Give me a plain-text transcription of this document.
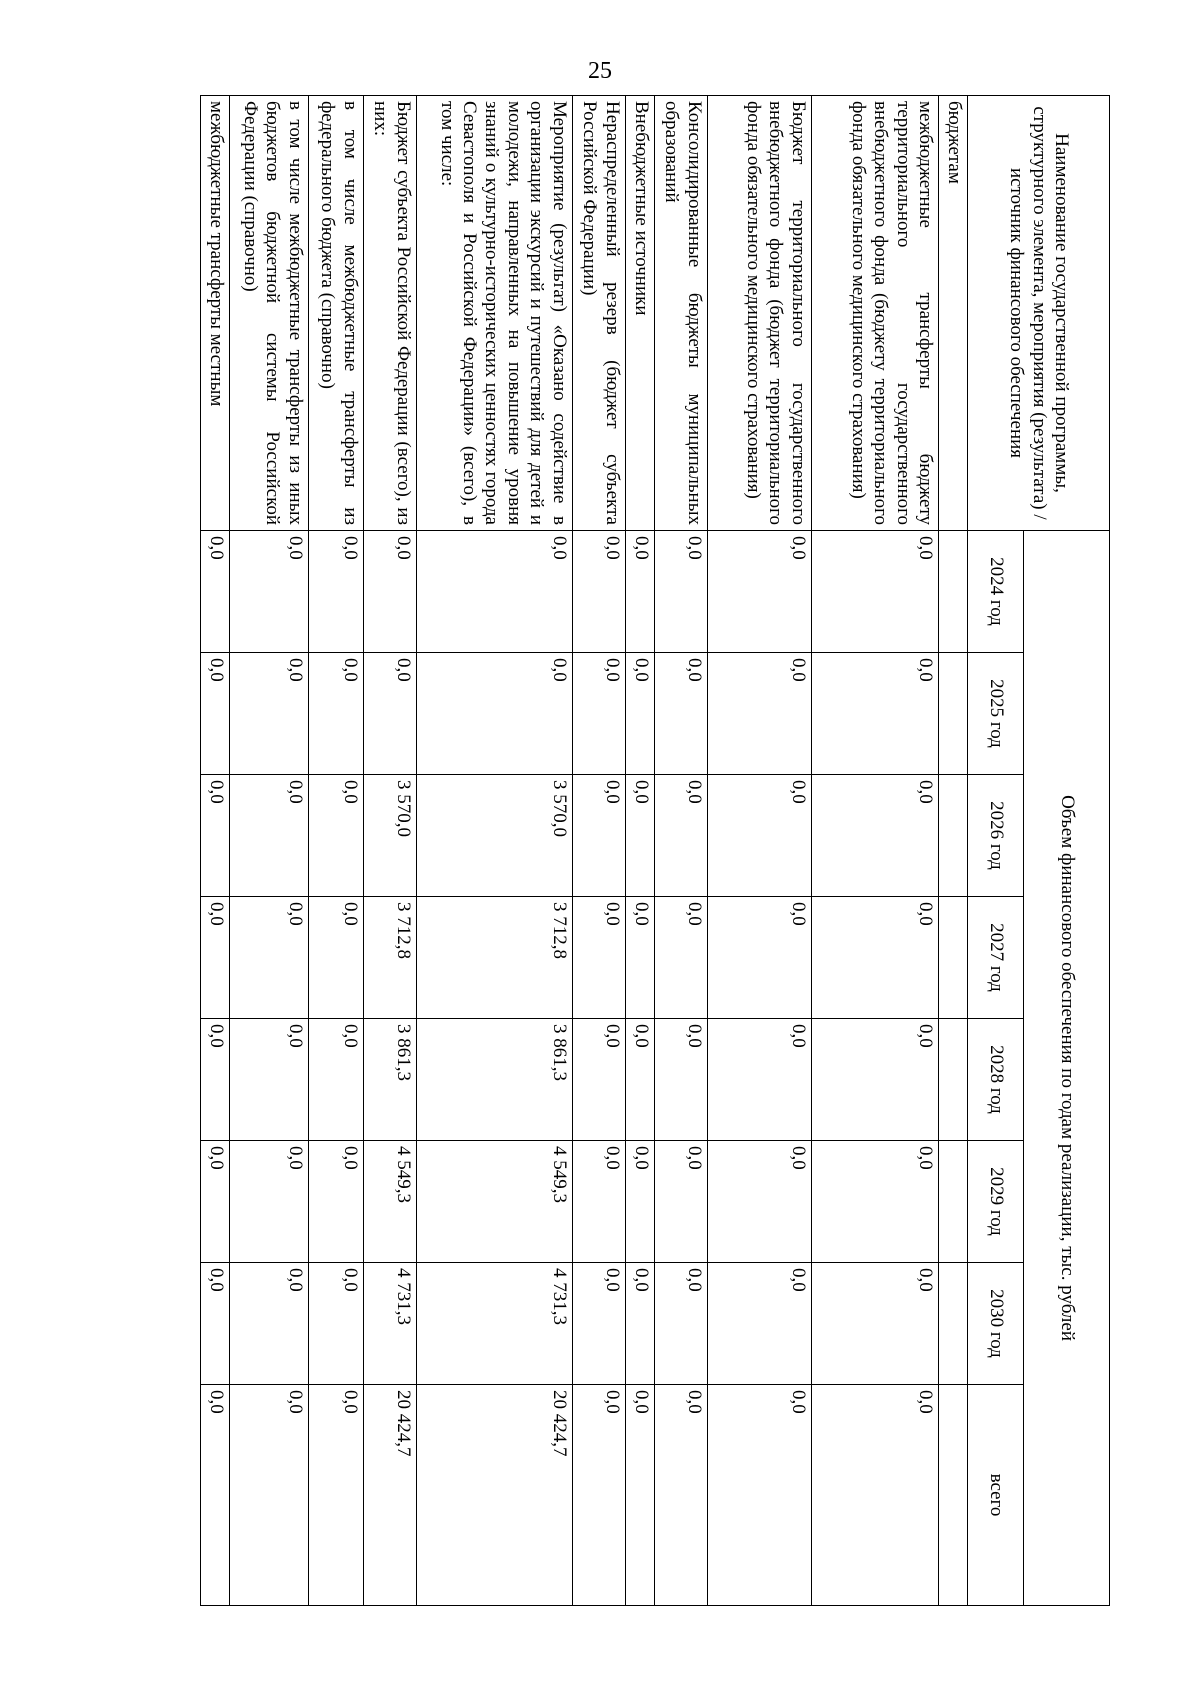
25
Наименование государственной программы, структурного элемента, мероприятия (результата) / источник финансового обеспечения	Объем финансового обеспечения по годам реализации, тыс. рублей							
	2024 год	2025 год	2026 год	2027 год	2028 год	2029 год	2030 год	всего
бюджетам								
межбюджетные трансферты бюджету территориального государственного внебюджетного фонда (бюджету территориального фонда обязательного медицинского страхования)	0,0	0,0	0,0	0,0	0,0	0,0	0,0	0,0
Бюджет территориального государственного внебюджетного фонда (бюджет территориального фонда обязательного медицинского страхования)	0,0	0,0	0,0	0,0	0,0	0,0	0,0	0,0
Консолидированные бюджеты муниципальных образований	0,0	0,0	0,0	0,0	0,0	0,0	0,0	0,0
Внебюджетные источники	0,0	0,0	0,0	0,0	0,0	0,0	0,0	0,0
Нераспределенный резерв (бюджет субъекта Российской Федерации)	0,0	0,0	0,0	0,0	0,0	0,0	0,0	0,0
Мероприятие (результат) «Оказано содействие в организации экскурсий и путешествий для детей и молодежи, направленных на повышение уровня знаний о культурно-исторических ценностях города Севастополя и Российской Федерации» (всего), в том числе:	0,0	0,0	3 570,0	3 712,8	3 861,3	4 549,3	4 731,3	20 424,7
Бюджет субъекта Российской Федерации (всего), из них:	0,0	0,0	3 570,0	3 712,8	3 861,3	4 549,3	4 731,3	20 424,7
в том числе межбюджетные трансферты из федерального бюджета (справочно)	0,0	0,0	0,0	0,0	0,0	0,0	0,0	0,0
в том числе межбюджетные трансферты из иных бюджетов бюджетной системы Российской Федерации (справочно)	0,0	0,0	0,0	0,0	0,0	0,0	0,0	0,0
межбюджетные трансферты местным	0,0	0,0	0,0	0,0	0,0	0,0	0,0	0,0
